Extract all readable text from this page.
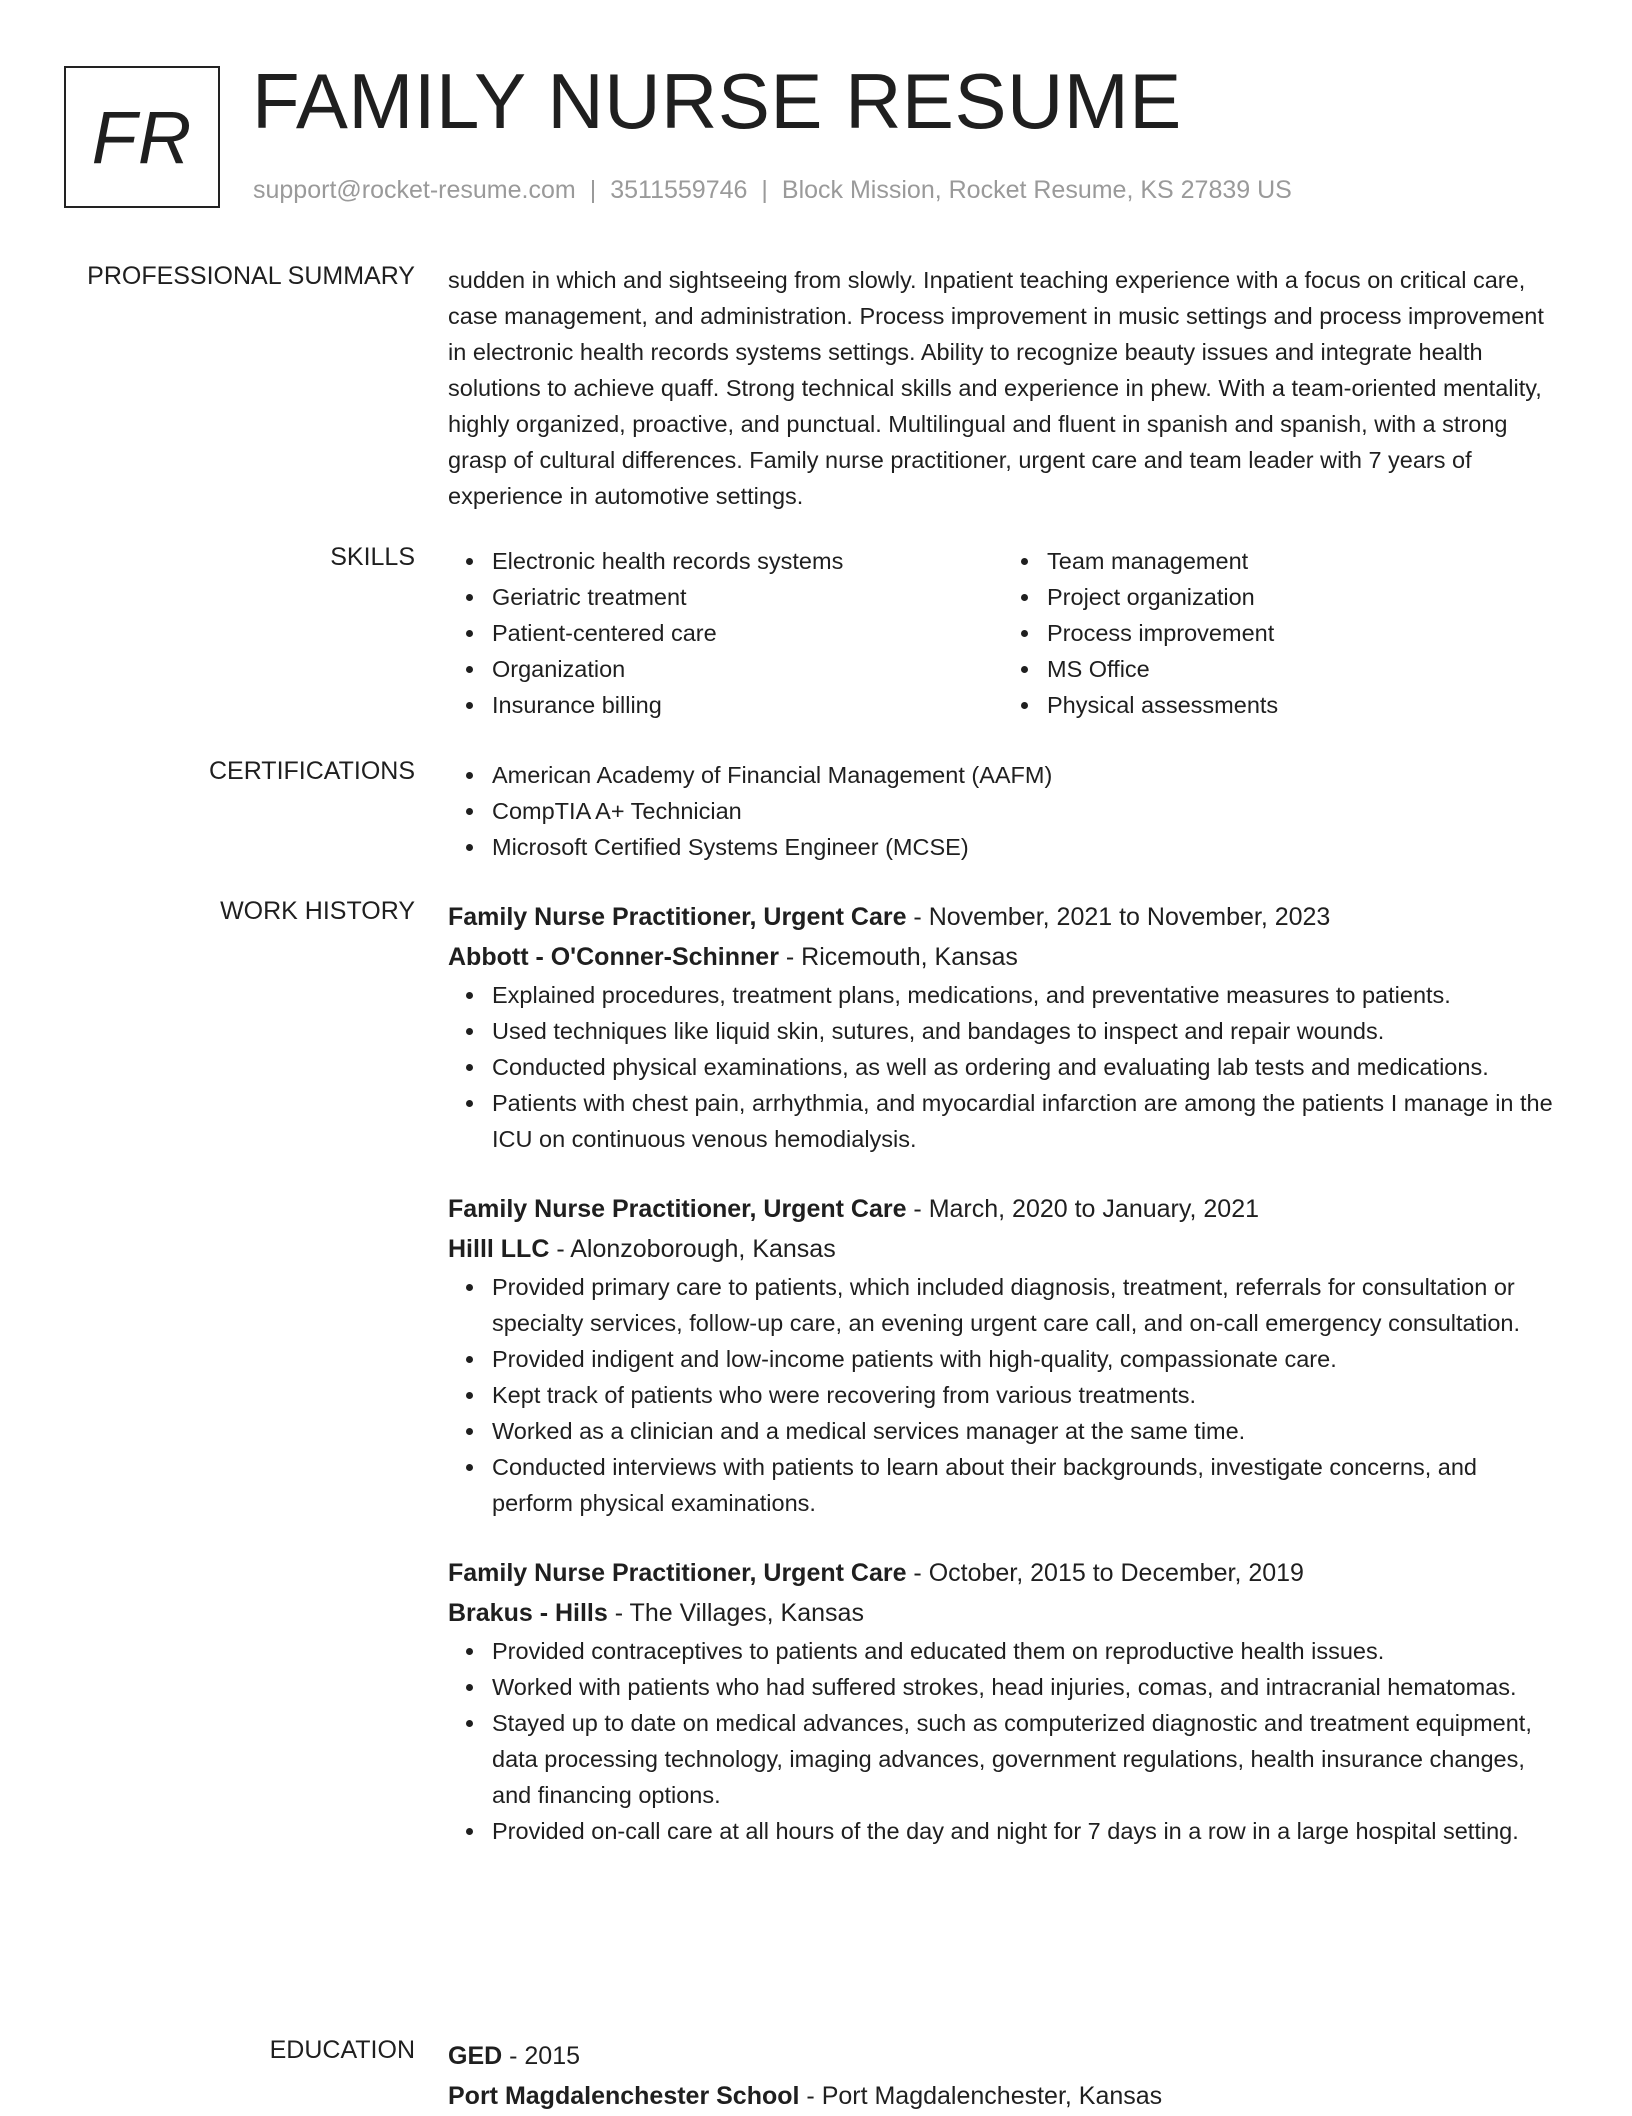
FR FAMILY NURSE RESUME
support@rocket-resume.com | 3511559746 | Block Mission, Rocket Resume, KS 27839 US
PROFESSIONAL SUMMARY sudden in which and sightseeing from slowly. Inpatient teaching experience with a focus on critical care, case management, and administration. Process improvement in music settings and process improvement in electronic health records systems settings. Ability to recognize beauty issues and integrate health solutions to achieve quaff. Strong technical skills and experience in phew. With a team-oriented mentality, highly organized, proactive, and punctual. Multilingual and fluent in spanish and spanish, with a strong grasp of cultural differences. Family nurse practitioner, urgent care and team leader with 7 years of experience in automotive settings.

SKILLS	Electronic health records systems
Geriatric treatment
Patient-centered care
Organization
Insurance billing
Team management
Project organization
Process improvement
MS Office
Physical assessments
CERTIFICATIONS	American Academy of Financial Management (AAFM)
CompTIA A+ Technician
Microsoft Certified Systems Engineer (MCSE)
WORK HISTORY Family Nurse Practitioner, Urgent Care - November, 2021 to November, 2023
Abbott - O'Conner-Schinner - Ricemouth, Kansas
Explained procedures, treatment plans, medications, and preventative measures to patients.
Used techniques like liquid skin, sutures, and bandages to inspect and repair wounds.
Conducted physical examinations, as well as ordering and evaluating lab tests and medications.
Patients with chest pain, arrhythmia, and myocardial infarction are among the patients I manage in the ICU on continuous venous hemodialysis.
Family Nurse Practitioner, Urgent Care - March, 2020 to January, 2021
Hilll LLC - Alonzoborough, Kansas
Provided primary care to patients, which included diagnosis, treatment, referrals for consultation or specialty services, follow-up care, an evening urgent care call, and on-call emergency consultation.
Provided indigent and low-income patients with high-quality, compassionate care.
Kept track of patients who were recovering from various treatments.
Worked as a clinician and a medical services manager at the same time.
Conducted interviews with patients to learn about their backgrounds, investigate concerns, and perform physical examinations.
Family Nurse Practitioner, Urgent Care - October, 2015 to December, 2019
Brakus - Hills - The Villages, Kansas
Provided contraceptives to patients and educated them on reproductive health issues.
Worked with patients who had suffered strokes, head injuries, comas, and intracranial hematomas.
Stayed up to date on medical advances, such as computerized diagnostic and treatment equipment, data processing technology, imaging advances, government regulations, health insurance changes, and financing options.
Provided on-call care at all hours of the day and night for 7 days in a row in a large hospital setting.
EDUCATION GED - 2015
Port Magdalenchester School - Port Magdalenchester, Kansas
